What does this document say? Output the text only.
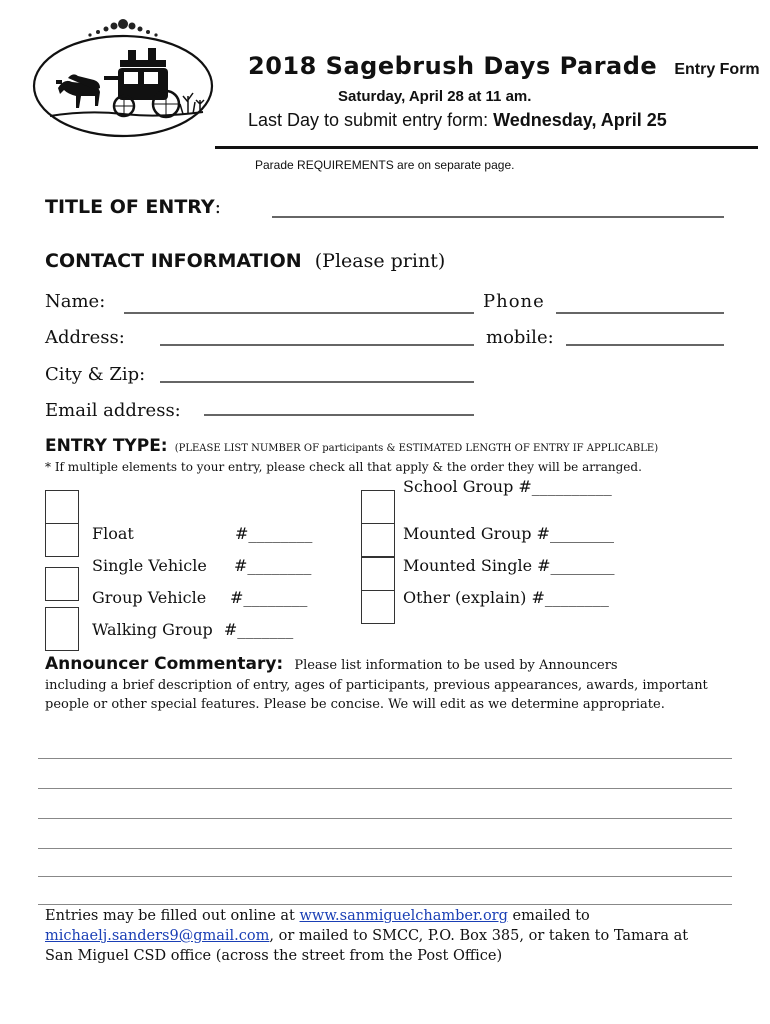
2018 Sagebrush Days Parade Entry Form
Saturday, April 28 at 11 am.
Last Day to submit entry form: Wednesday, April 25
Parade REQUIREMENTS are on separate page.
TITLE OF ENTRY:
CONTACT INFORMATION (Please print)
Name:	Phone
Address:	mobile:
City & Zip:
Email address:
ENTRY TYPE: (PLEASE LIST NUMBER OF participants & ESTIMATED LENGTH OF ENTRY IF APPLICABLE)
* If multiple elements to your entry, please check all that apply & the order they will be arranged.
Float	#________
Single Vehicle #________
Group Vehicle #________
Walking Group #_______
School Group #__________
Mounted Group #________
Mounted Single #________
Other (explain) #________
Announcer Commentary: Please list information to be used by Announcers
including a brief description of entry, ages of participants, previous appearances, awards, important people or other special features. Please be concise. We will edit as we determine appropriate.
Entries may be filled out online at www.sanmiguelchamber.org emailed to
michaelj.sanders9@gmail.com, or mailed to SMCC, P.O. Box 385, or taken to Tamara at San Miguel CSD office (across the street from the Post Office)
